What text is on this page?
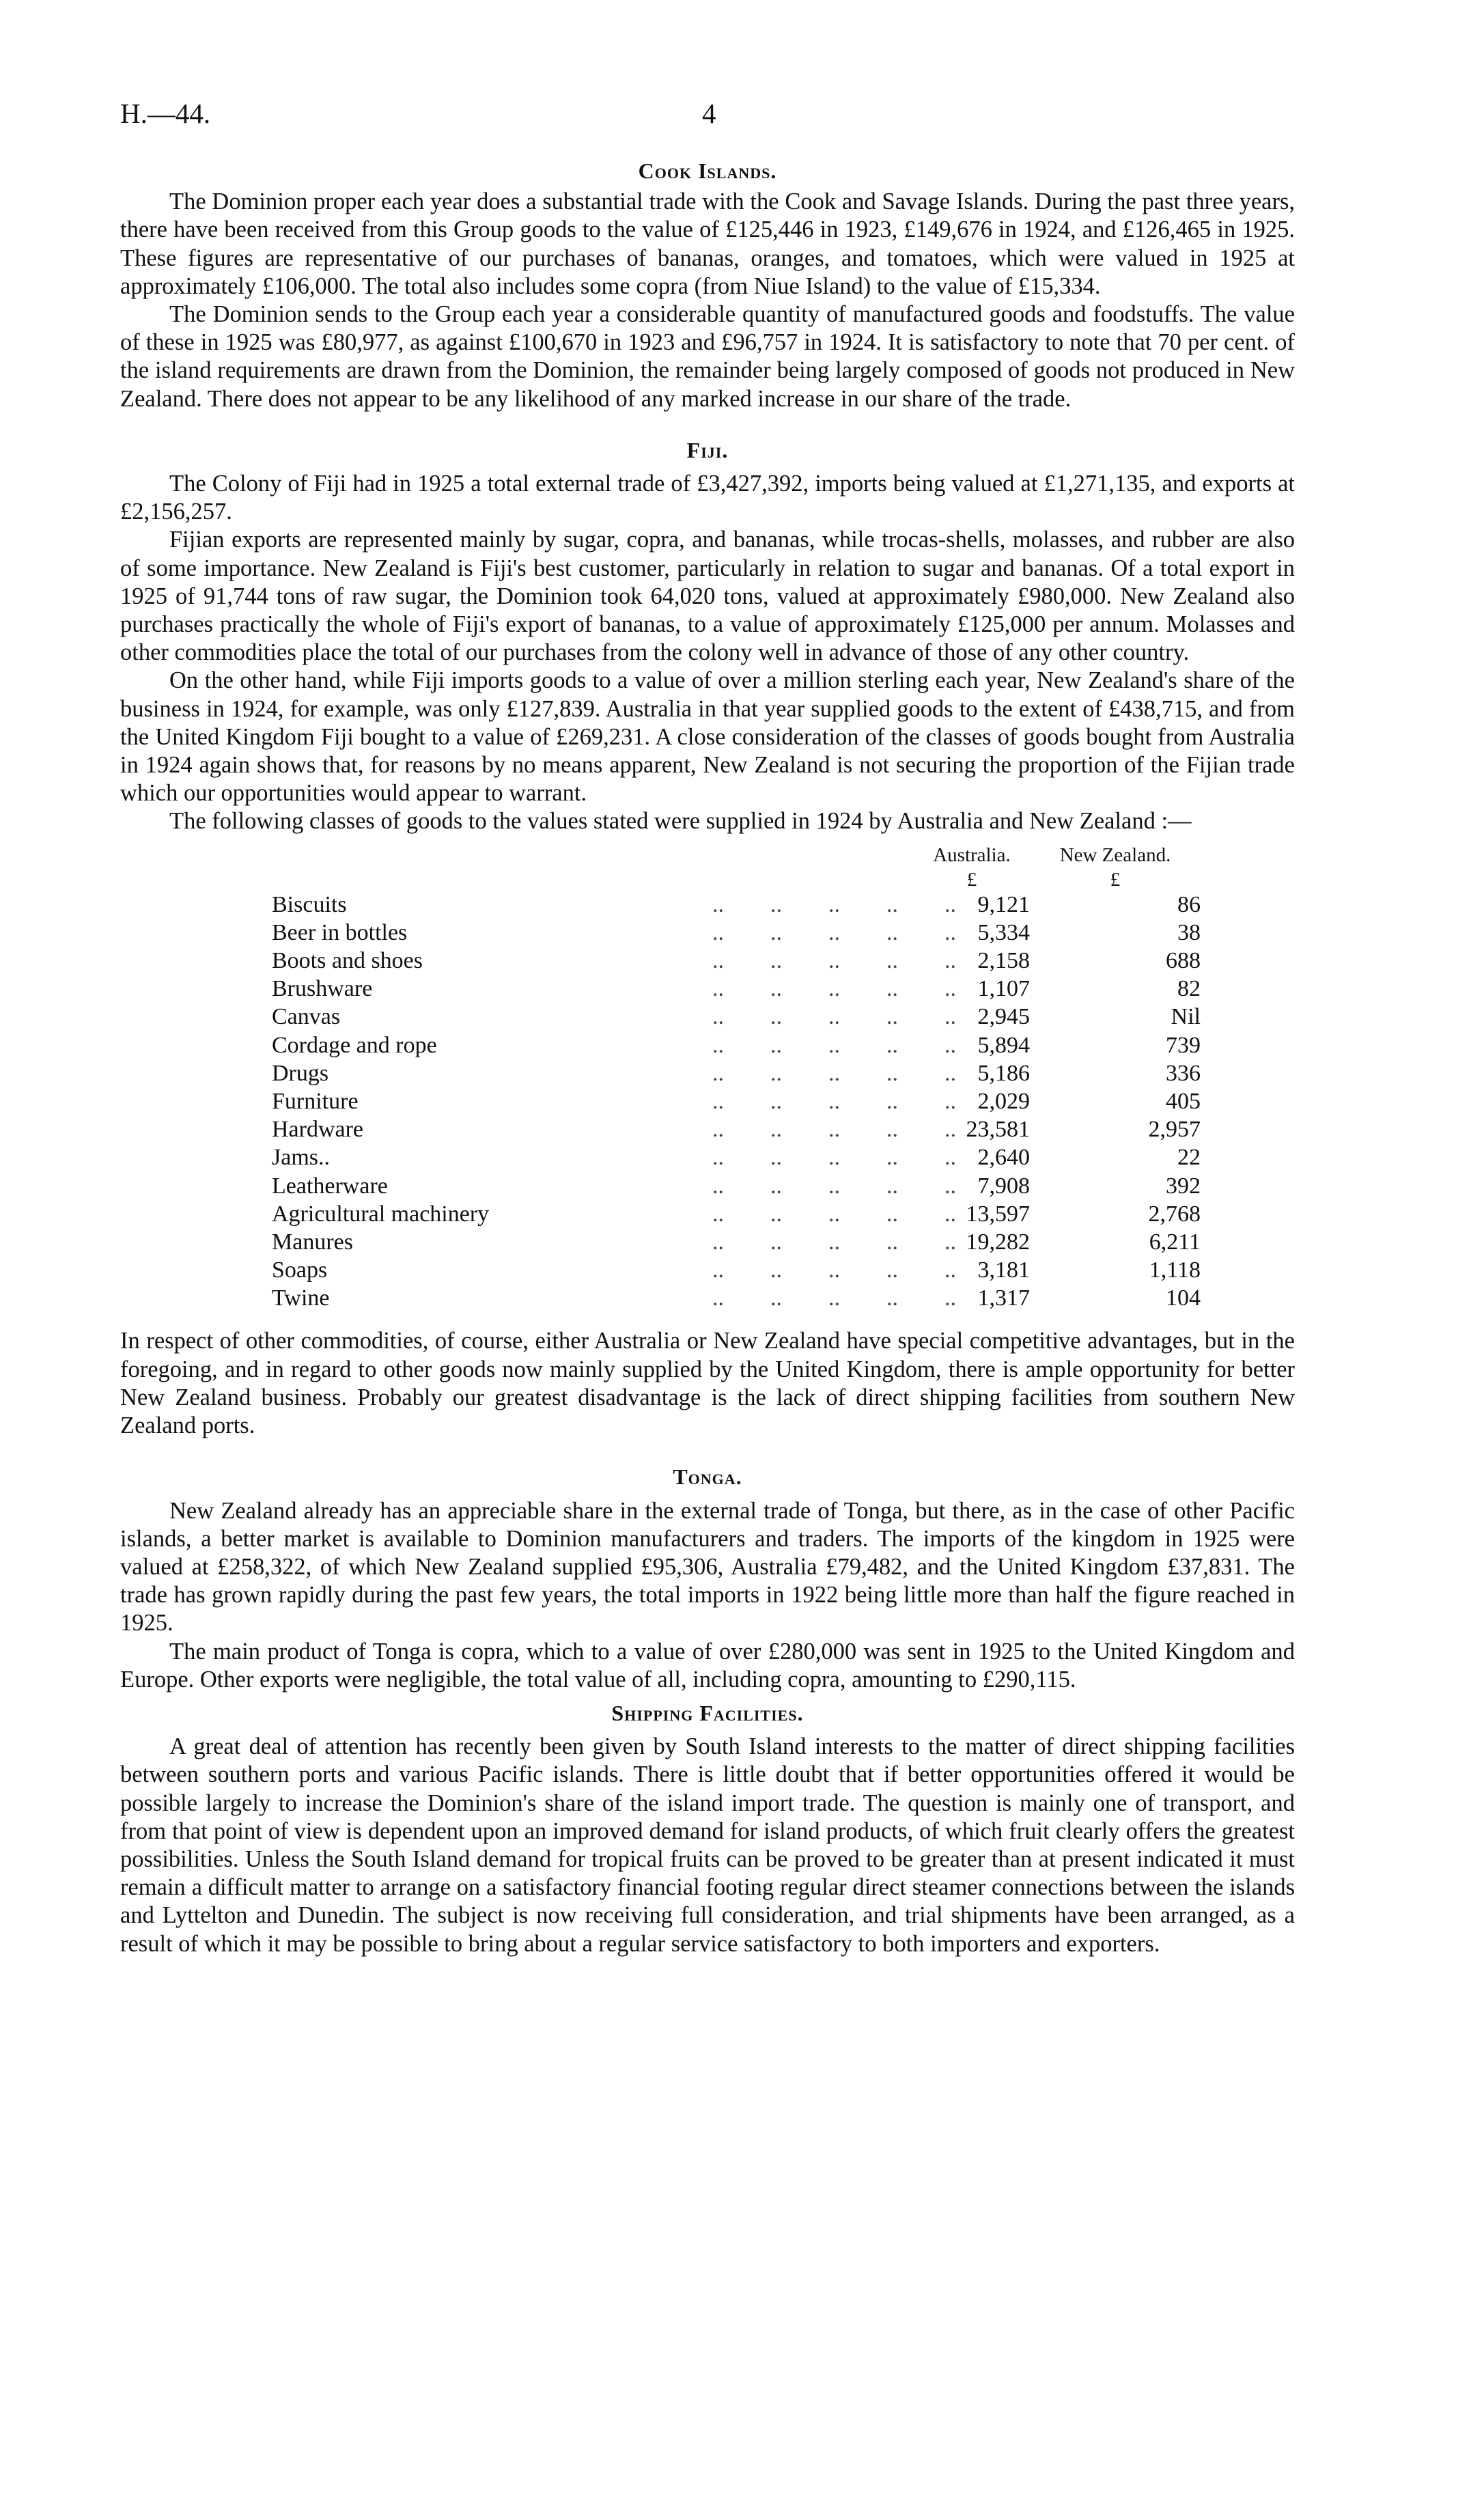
H.—44.	4
Cook Islands.

The Dominion proper each year does a substantial trade with the Cook and Savage Islands. During the past three years, there have been received from this Group goods to the value of £125,446 in 1923, £149,676 in 1924, and £126,465 in 1925. These figures are representative of our purchases of bananas, oranges, and tomatoes, which were valued in 1925 at approximately £106,000. The total also includes some copra (from Niue Island) to the value of £15,334.

The Dominion sends to the Group each year a considerable quantity of manufactured goods and foodstuffs. The value of these in 1925 was £80,977, as against £100,670 in 1923 and £96,757 in 1924. It is satisfactory to note that 70 per cent. of the island requirements are drawn from the Dominion, the remainder being largely composed of goods not produced in New Zealand. There does not appear to be any likelihood of any marked increase in our share of the trade.

Fiji.

The Colony of Fiji had in 1925 a total external trade of £3,427,392, imports being valued at £1,271,135, and exports at £2,156,257.

Fijian exports are represented mainly by sugar, copra, and bananas, while trocas-shells, molasses, and rubber are also of some importance. New Zealand is Fiji's best customer, particularly in relation to sugar and bananas. Of a total export in 1925 of 91,744 tons of raw sugar, the Dominion took 64,020 tons, valued at approximately £980,000. New Zealand also purchases practically the whole of Fiji's export of bananas, to a value of approximately £125,000 per annum. Molasses and other commodities place the total of our purchases from the colony well in advance of those of any other country.

On the other hand, while Fiji imports goods to a value of over a million sterling each year, New Zealand's share of the business in 1924, for example, was only £127,839. Australia in that year supplied goods to the extent of £438,715, and from the United Kingdom Fiji bought to a value of £269,231. A close consideration of the classes of goods bought from Australia in 1924 again shows that, for reasons by no means apparent, New Zealand is not securing the proportion of the Fijian trade which our opportunities would appear to warrant.

The following classes of goods to the values stated were supplied in 1924 by Australia and New Zealand :—

Australia.	New Zealand.
£	£
..        ..        ..        ..        ..
Biscuits	9,121	86
..        ..        ..        ..        ..
Beer in bottles	5,334	38
..        ..        ..        ..        ..
Boots and shoes	2,158	688
..        ..        ..        ..        ..
Brushware	1,107	82
..        ..        ..        ..        ..
Canvas	2,945	Nil
..        ..        ..        ..        ..
Cordage and rope	5,894	739
..        ..        ..        ..        ..
Drugs	5,186	336
..        ..        ..        ..        ..
Furniture	2,029	405
..        ..        ..        ..        ..
Hardware	23,581	2,957
..        ..        ..        ..        ..
Jams..	2,640	22
..        ..        ..        ..        ..
Leatherware	7,908	392
..        ..        ..        ..        ..
Agricultural machinery	13,597	2,768
..        ..        ..        ..        ..
Manures	19,282	6,211
..        ..        ..        ..        ..
Soaps	3,181	1,118
..        ..        ..        ..        ..
Twine	1,317	104

In respect of other commodities, of course, either Australia or New Zealand have special competitive advantages, but in the foregoing, and in regard to other goods now mainly supplied by the United Kingdom, there is ample opportunity for better New Zealand business. Probably our greatest disadvantage is the lack of direct shipping facilities from southern New Zealand ports.

Tonga.

New Zealand already has an appreciable share in the external trade of Tonga, but there, as in the case of other Pacific islands, a better market is available to Dominion manufacturers and traders. The imports of the kingdom in 1925 were valued at £258,322, of which New Zealand supplied £95,306, Australia £79,482, and the United Kingdom £37,831. The trade has grown rapidly during the past few years, the total imports in 1922 being little more than half the figure reached in 1925.

The main product of Tonga is copra, which to a value of over £280,000 was sent in 1925 to the United Kingdom and Europe. Other exports were negligible, the total value of all, including copra, amounting to £290,115.

Shipping Facilities.

A great deal of attention has recently been given by South Island interests to the matter of direct shipping facilities between southern ports and various Pacific islands. There is little doubt that if better opportunities offered it would be possible largely to increase the Dominion's share of the island import trade. The question is mainly one of transport, and from that point of view is dependent upon an improved demand for island products, of which fruit clearly offers the greatest possibilities. Unless the South Island demand for tropical fruits can be proved to be greater than at present indicated it must remain a difficult matter to arrange on a satisfactory financial footing regular direct steamer connections between the islands and Lyttelton and Dunedin. The subject is now receiving full consideration, and trial shipments have been arranged, as a result of which it may be possible to bring about a regular service satisfactory to both importers and exporters.
